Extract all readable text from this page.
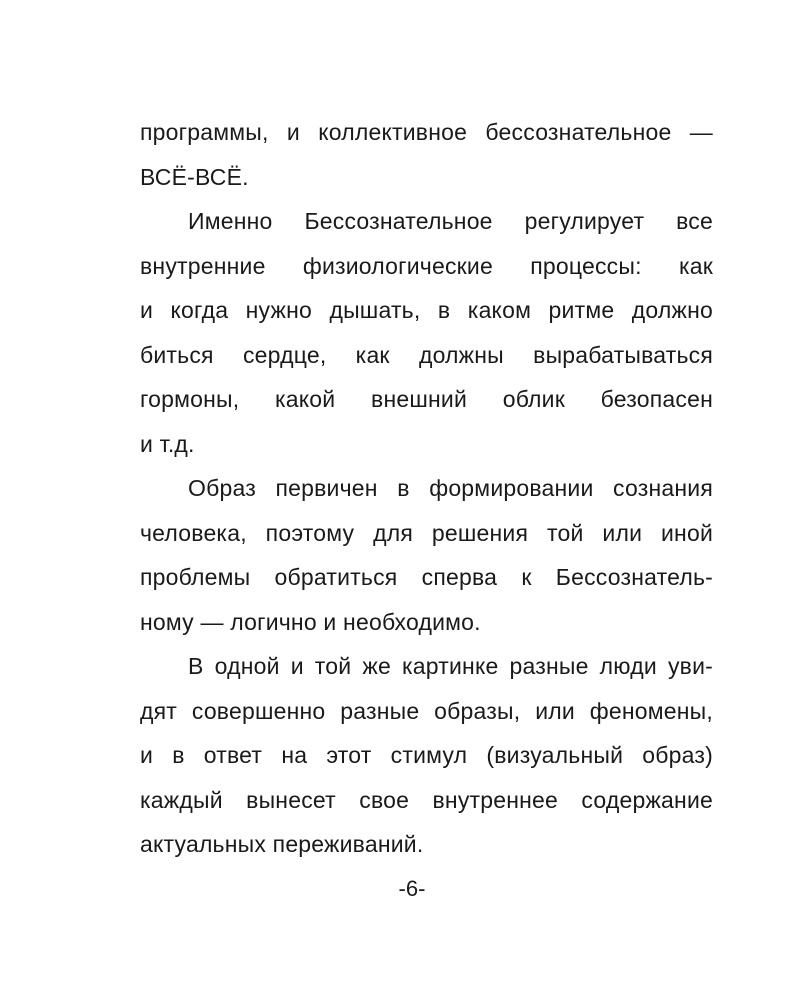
программы, и коллективное бессознательное —
ВСЁ-ВСЁ.
Именно Бессознательное регулирует все
внутренние физиологические процессы: как
и когда нужно дышать, в каком ритме должно
биться сердце, как должны вырабатываться
гормоны, какой внешний облик безопасен
и т.д.
Образ первичен в формировании сознания
человека, поэтому для решения той или иной
проблемы обратиться сперва к Бессознатель-
ному — логично и необходимо.
В одной и той же картинке разные люди уви-
дят совершенно разные образы, или феномены,
и в ответ на этот стимул (визуальный образ)
каждый вынесет свое внутреннее содержание
актуальных переживаний.
-6-
